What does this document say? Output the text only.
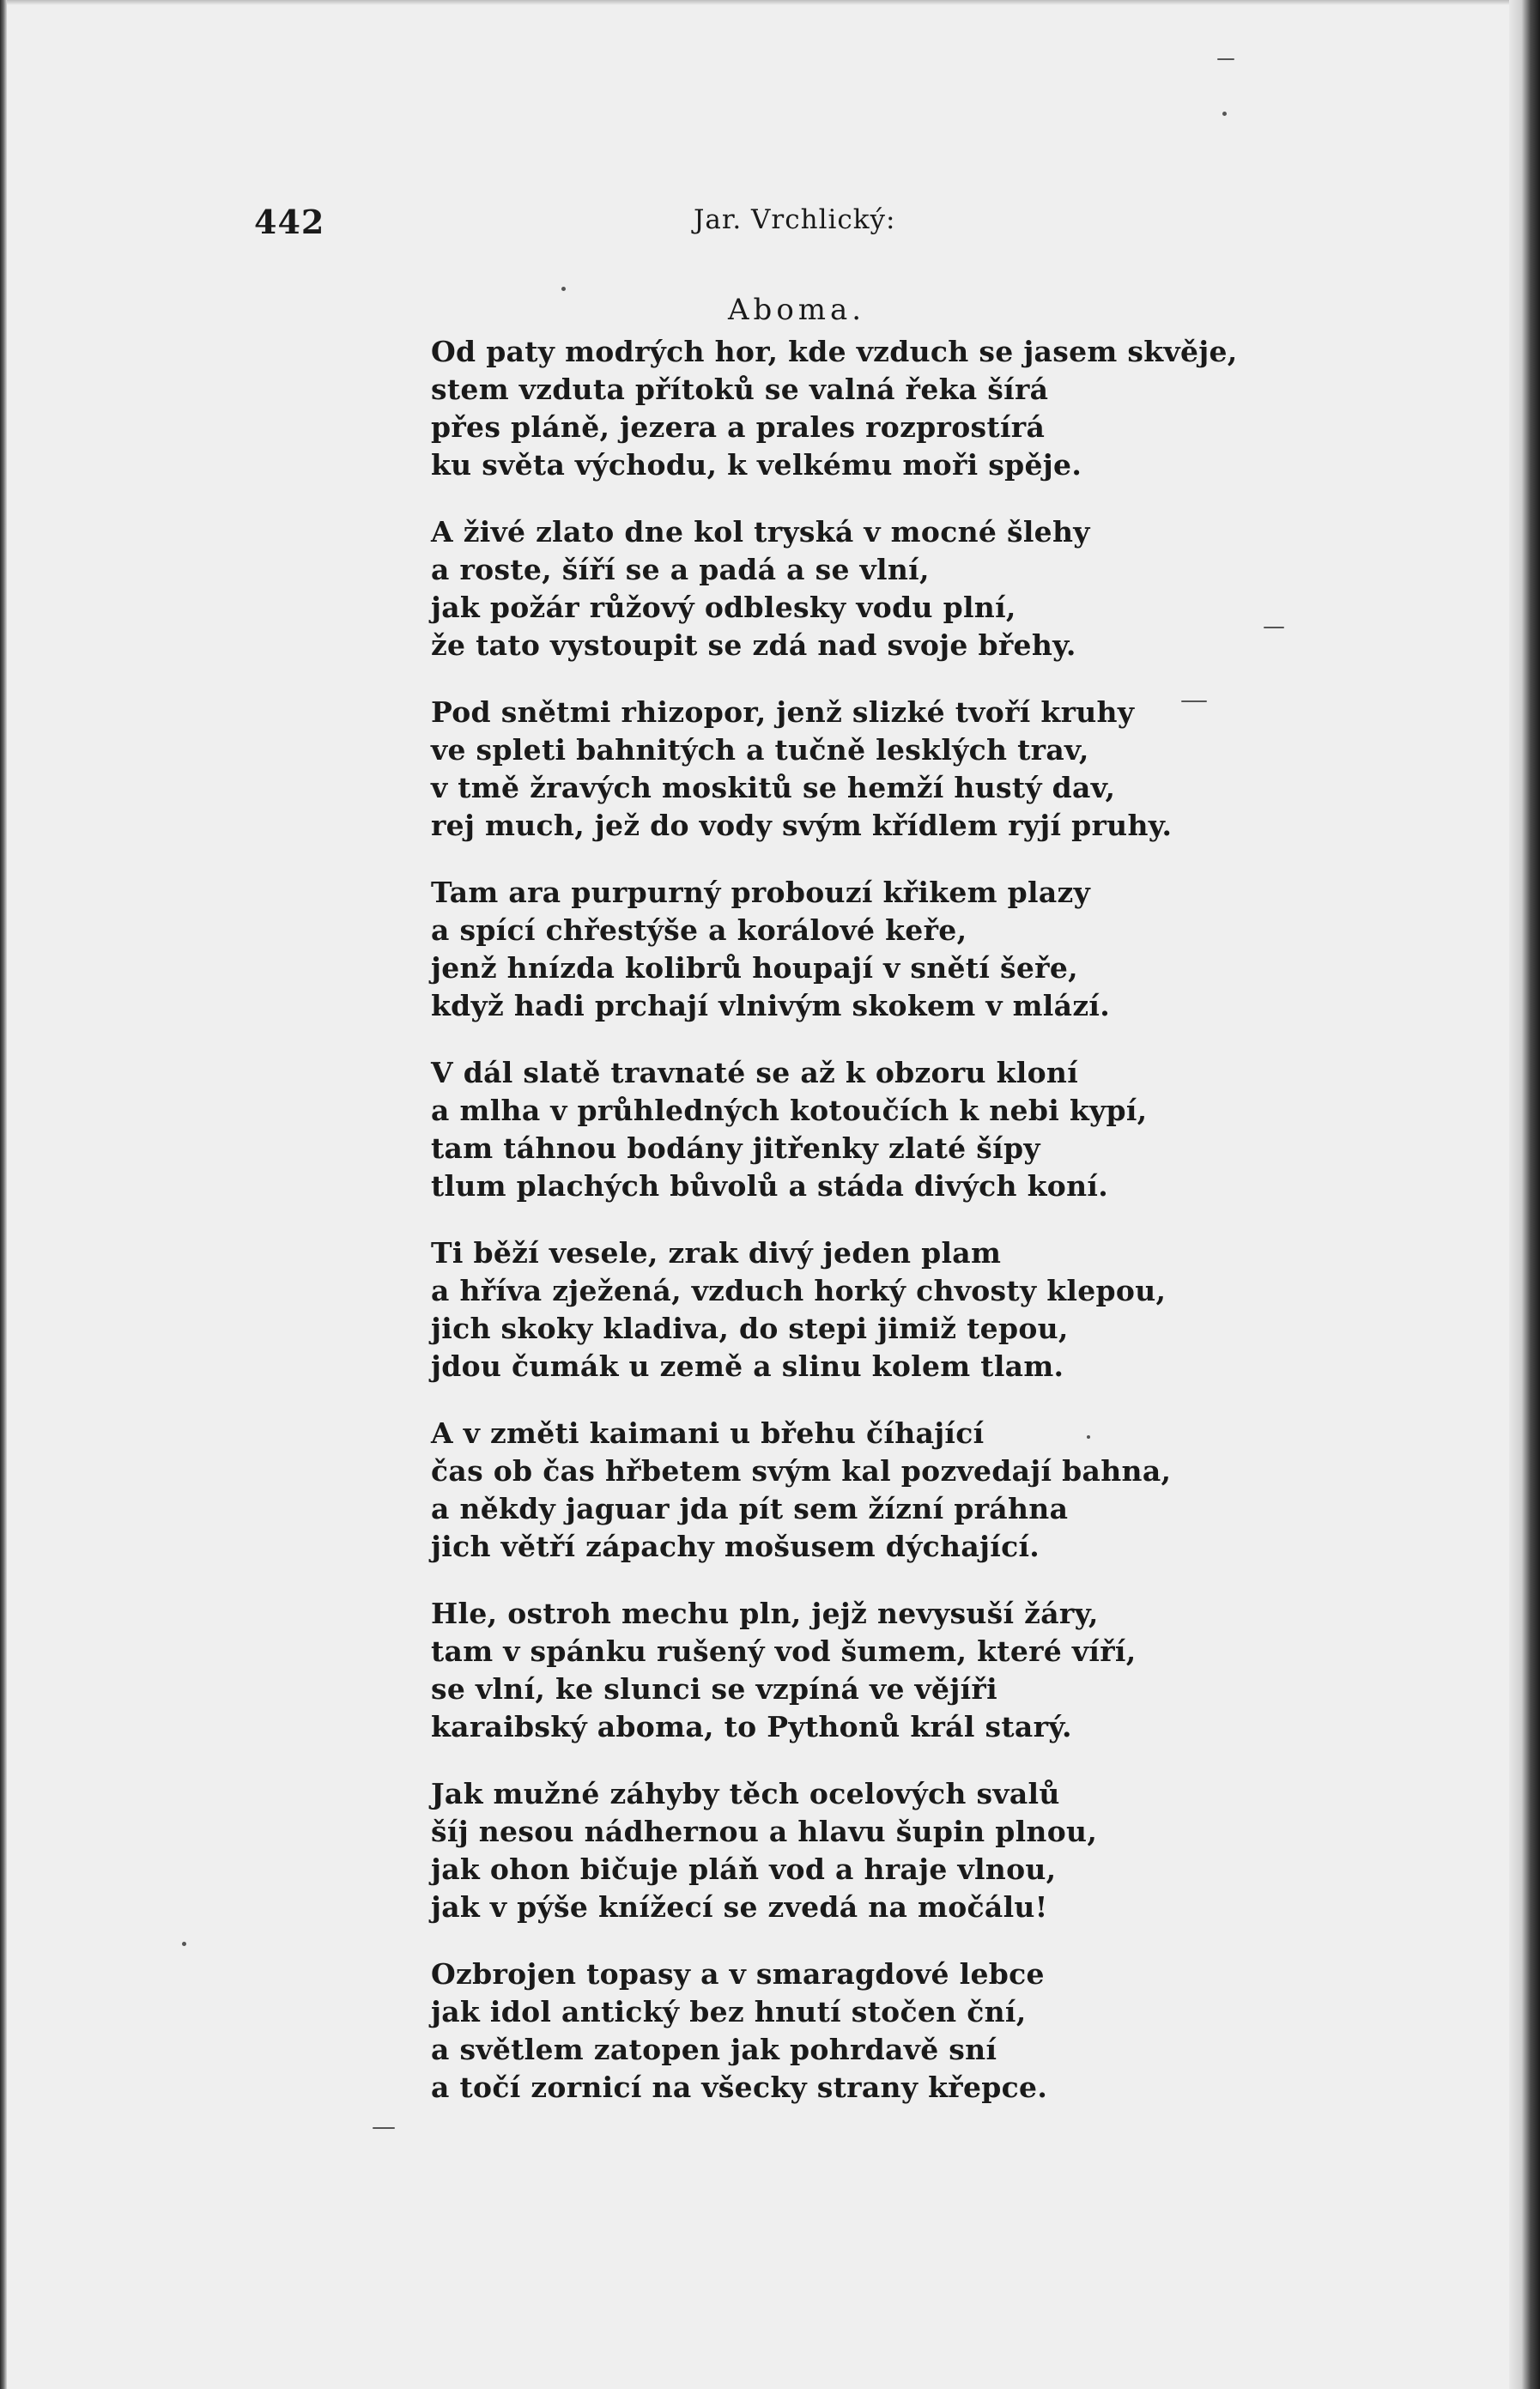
442	Jar. Vrchlický:
Aboma.
Od paty modrých hor, kde vzduch se jasem skvěje,
stem vzduta přítoků se valná řeka šírá
přes pláně, jezera a prales rozprostírá
ku světa východu, k velkému moři spěje.
A živé zlato dne kol tryská v mocné šlehy
a roste, šíří se a padá a se vlní,
jak požár růžový odblesky vodu plní,
že tato vystoupit se zdá nad svoje břehy.
Pod snětmi rhizopor, jenž slizké tvoří kruhy
ve spleti bahnitých a tučně lesklých trav,
v tmě žravých moskitů se hemží hustý dav,
rej much, jež do vody svým křídlem ryjí pruhy.
Tam ara purpurný probouzí křikem plazy
a spící chřestýše a korálové keře,
jenž hnízda kolibrů houpají v snětí šeře,
když hadi prchají vlnivým skokem v mlází.
V dál slatě travnaté se až k obzoru kloní
a mlha v průhledných kotoučích k nebi kypí,
tam táhnou bodány jitřenky zlaté šípy
tlum plachých bůvolů a stáda divých koní.
Ti běží vesele, zrak divý jeden plam
a hříva zježená, vzduch horký chvosty klepou,
jich skoky kladiva, do stepi jimiž tepou,
jdou čumák u země a slinu kolem tlam.
A v změti kaimani u břehu číhající
čas ob čas hřbetem svým kal pozvedají bahna,
a někdy jaguar jda pít sem žízní práhna
jich větří zápachy mošusem dýchající.
Hle, ostroh mechu pln, jejž nevysuší žáry,
tam v spánku rušený vod šumem, které víří,
se vlní, ke slunci se vzpíná ve vějíři
karaibský aboma, to Pythonů král starý.
Jak mužné záhyby těch ocelových svalů
šíj nesou nádhernou a hlavu šupin plnou,
jak ohon bičuje pláň vod a hraje vlnou,
jak v pýše knížecí se zvedá na močálu!
Ozbrojen topasy a v smaragdové lebce
jak idol antický bez hnutí stočen ční,
a světlem zatopen jak pohrdavě sní
a točí zornicí na všecky strany křepce.
